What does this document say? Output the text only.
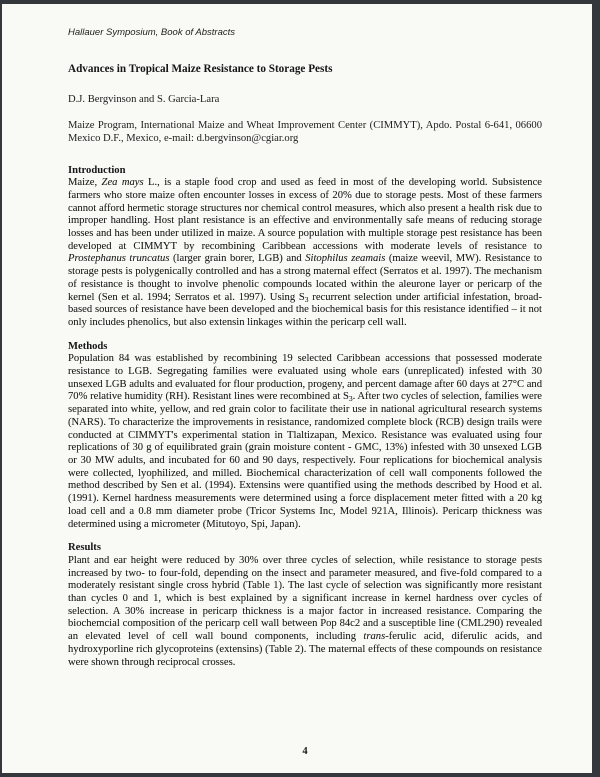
Hallauer Symposium, Book of Abstracts
Advances in Tropical Maize Resistance to Storage Pests
D.J. Bergvinson and S. Garcia-Lara
Maize Program, International Maize and Wheat Improvement Center (CIMMYT), Apdo. Postal 6-641, 06600 Mexico D.F., Mexico, e-mail: d.bergvinson@cgiar.org
Introduction

Maize, Zea mays L., is a staple food crop and used as feed in most of the developing world. Subsistence farmers who store maize often encounter losses in excess of 20% due to storage pests. Most of these farmers cannot afford hermetic storage structures nor chemical control measures, which also present a health risk due to improper handling. Host plant resistance is an effective and environmentally safe means of reducing storage losses and has been under utilized in maize. A source population with multiple storage pest resistance has been developed at CIMMYT by recombining Caribbean accessions with moderate levels of resistance to Prostephanus truncatus (larger grain borer, LGB) and Sitophilus zeamais (maize weevil, MW). Resistance to storage pests is polygenically controlled and has a strong maternal effect (Serratos et al. 1997). The mechanism of resistance is thought to involve phenolic compounds located within the aleurone layer or pericarp of the kernel (Sen et al. 1994; Serratos et al. 1997). Using $S_3$ recurrent selection under artificial infestation, broad-based sources of resistance have been developed and the biochemical basis for this resistance identified – it not only includes phenolics, but also extensin linkages within the pericarp cell wall.

Methods

Population 84 was established by recombining 19 selected Caribbean accessions that possessed moderate resistance to LGB. Segregating families were evaluated using whole ears (unreplicated) infested with 30 unsexed LGB adults and evaluated for flour production, progeny, and percent damage after 60 days at 27°C and 70% relative humidity (RH). Resistant lines were recombined at $S_3$. After two cycles of selection, families were separated into white, yellow, and red grain color to facilitate their use in national agricultural research systems (NARS). To characterize the improvements in resistance, randomized complete block (RCB) design trails were conducted at CIMMYT's experimental station in Tlaltizapan, Mexico. Resistance was evaluated using four replications of 30 g of equilibrated grain (grain moisture content - GMC, 13%) infested with 30 unsexed LGB or 30 MW adults, and incubated for 60 and 90 days, respectively. Four replications for biochemical analysis were collected, lyophilized, and milled. Biochemical characterization of cell wall components followed the method described by Sen et al. (1994). Extensins were quantified using the methods described by Hood et al. (1991). Kernel hardness measurements were determined using a force displacement meter fitted with a 20 kg load cell and a 0.8 mm diameter probe (Tricor Systems Inc, Model 921A, Illinois). Pericarp thickness was determined using a micrometer (Mitutoyo, Spi, Japan).

Results

Plant and ear height were reduced by 30% over three cycles of selection, while resistance to storage pests increased by two- to four-fold, depending on the insect and parameter measured, and five-fold compared to a moderately resistant single cross hybrid (Table 1). The last cycle of selection was significantly more resistant than cycles 0 and 1, which is best explained by a significant increase in kernel hardness over cycles of selection. A 30% increase in pericarp thickness is a major factor in increased resistance. Comparing the biochemcial composition of the pericarp cell wall between Pop 84c2 and a susceptible line (CML290) revealed an elevated level of cell wall bound components, including trans-ferulic acid, diferulic acids, and hydroxyporline rich glycoproteins (extensins) (Table 2). The maternal effects of these compounds on resistance were shown through reciprocal crosses.

4
